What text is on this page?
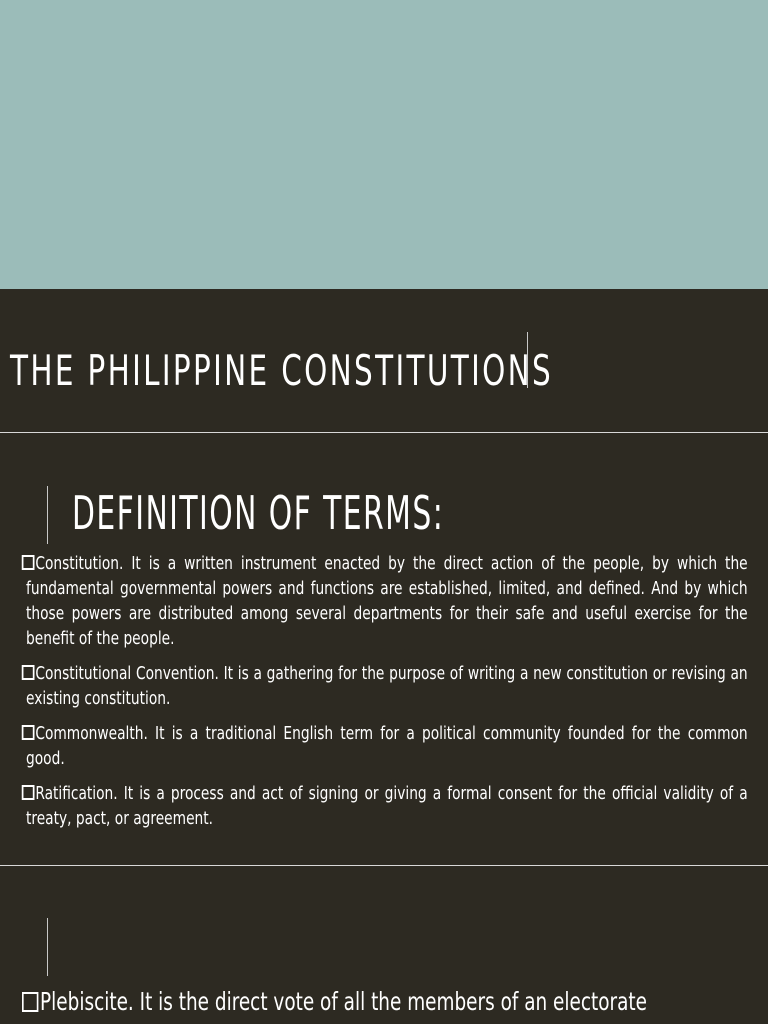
THE PHILIPPINE CONSTITUTIONS
DEFINITION OF TERMS:
Constitution. It is a written instrument enacted by the direct action of the people, by which the fundamental governmental powers and functions are established, limited, and defined. And by which those powers are distributed among several departments for their safe and useful exercise for the benefit of the people.
Constitutional Convention. It is a gathering for the purpose of writing a new constitution or revising an existing constitution.
Commonwealth. It is a traditional English term for a political community founded for the common good.
Ratification. It is a process and act of signing or giving a formal consent for the official validity of a treaty, pact, or agreement.
Plebiscite. It is the direct vote of all the members of an electorate
